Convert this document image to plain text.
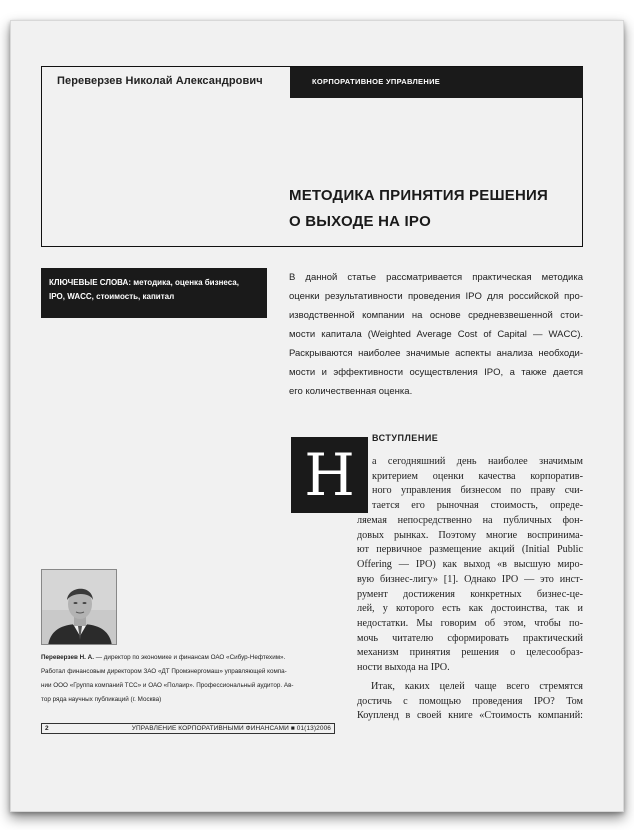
Переверзев Николай Александрович	КОРПОРАТИВНОЕ УПРАВЛЕНИЕ
МЕТОДИКА ПРИНЯТИЯ РЕШЕНИЯ
О ВЫХОДЕ НА IPO
КЛЮЧЕВЫЕ СЛОВА: методика, оценка бизнеса,
IPO, WACC, стоимость, капитал
В данной статье рассматривается практическая методика
оценки результативности проведения IPO для российской про-
изводственной компании на основе средневзвешенной стои-
мости капитала (Weighted Average Cost of Capital — WACC).
Раскрываются наиболее значимые аспекты анализа необходи-
мости и эффективности осуществления IPO, а также дается
его количественная оценка.
Н
ВСТУПЛЕНИЕ
а сегодняшний день наиболее значимым
критерием оценки качества корпоратив-
ного управления бизнесом по праву счи-
тается его рыночная стоимость, опреде-
ляемая непосредственно на публичных фон-
довых рынках. Поэтому многие воспринима-
ют первичное размещение акций (Initial Public
Offering — IPO) как выход «в высшую миро-
вую бизнес-лигу» [1]. Однако IPO — это инст-
румент достижения конкретных бизнес-це-
лей, у которого есть как достоинства, так и
недостатки. Мы говорим об этом, чтобы по-
мочь читателю сформировать практический
механизм принятия решения о целесообраз-
ности выхода на IPO.
Итак, каких целей чаще всего стремятся
достичь с помощью проведения IPO? Том
Коупленд в своей книге «Стоимость компаний:
Переверзев Н. А. — директор по экономике и финансам ОАО «Сибур-Нефтехим».
Работал финансовым директором ЗАО «ДТ Промэнергомаш» управляющей компа-
нии ООО «Группа компаний ТСС» и ОАО «Полаир». Профессиональный аудитор. Ав-
тор ряда научных публикаций (г. Москва)
2	УПРАВЛЕНИЕ КОРПОРАТИВНЫМИ ФИНАНСАМИ ■ 01(13)2006
